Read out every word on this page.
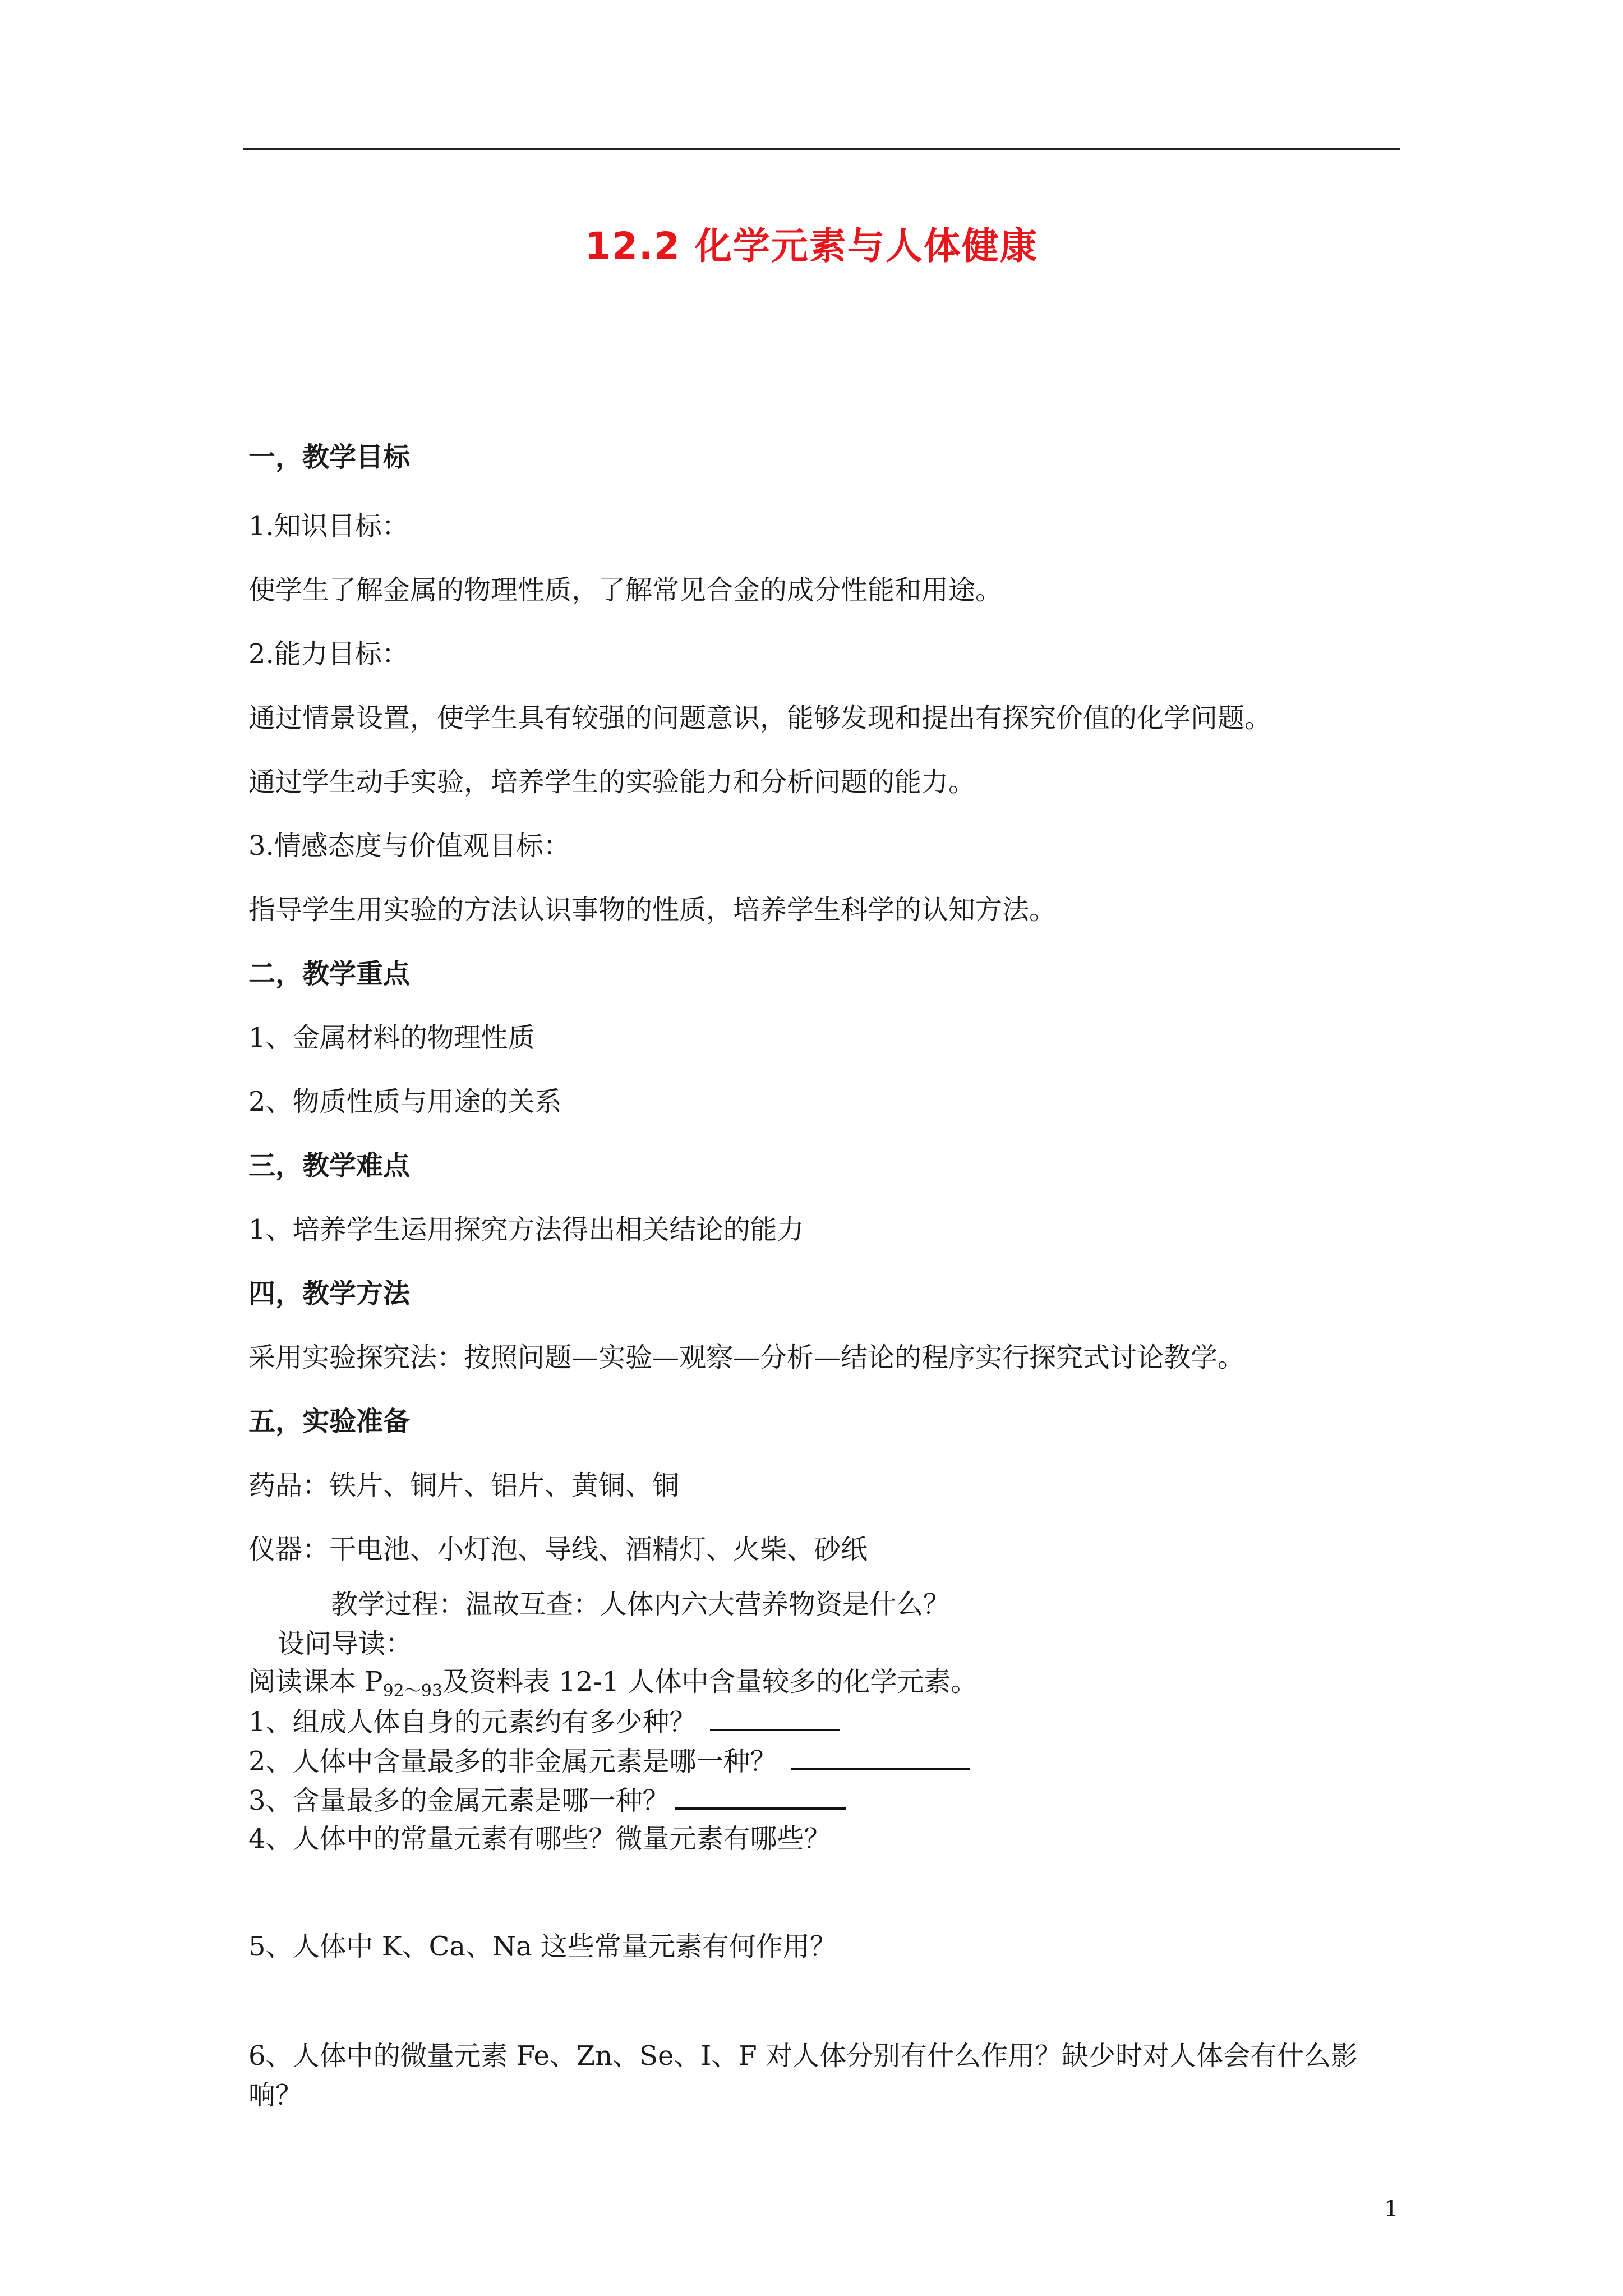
12.2 化学元素与人体健康
一，教学目标
1.知识目标：
使学生了解金属的物理性质，了解常见合金的成分性能和用途。
2.能力目标：
通过情景设置，使学生具有较强的问题意识，能够发现和提出有探究价值的化学问题。
通过学生动手实验，培养学生的实验能力和分析问题的能力。
3.情感态度与价值观目标：
指导学生用实验的方法认识事物的性质，培养学生科学的认知方法。
二，教学重点
1、金属材料的物理性质
2、物质性质与用途的关系
三，教学难点
1、培养学生运用探究方法得出相关结论的能力
四，教学方法
采用实验探究法：按照问题—实验—观察—分析—结论的程序实行探究式讨论教学。
五，实验准备
药品：铁片、铜片、铝片、黄铜、铜
仪器：干电池、小灯泡、导线、酒精灯、火柴、砂纸
教学过程：温故互查：人体内六大营养物资是什么？
设问导读：
阅读课本 $P_{92\sim 93}$及资料表 12-1 人体中含量较多的化学元素。
1、组成人体自身的元素约有多少种？
2、人体中含量最多的非金属元素是哪一种？
3、含量最多的金属元素是哪一种？
4、人体中的常量元素有哪些？微量元素有哪些？
5、人体中 K、Ca、Na 这些常量元素有何作用？
6、人体中的微量元素 Fe、Zn、Se、I、F 对人体分别有什么作用？缺少时对人体会有什么影
响？
1
